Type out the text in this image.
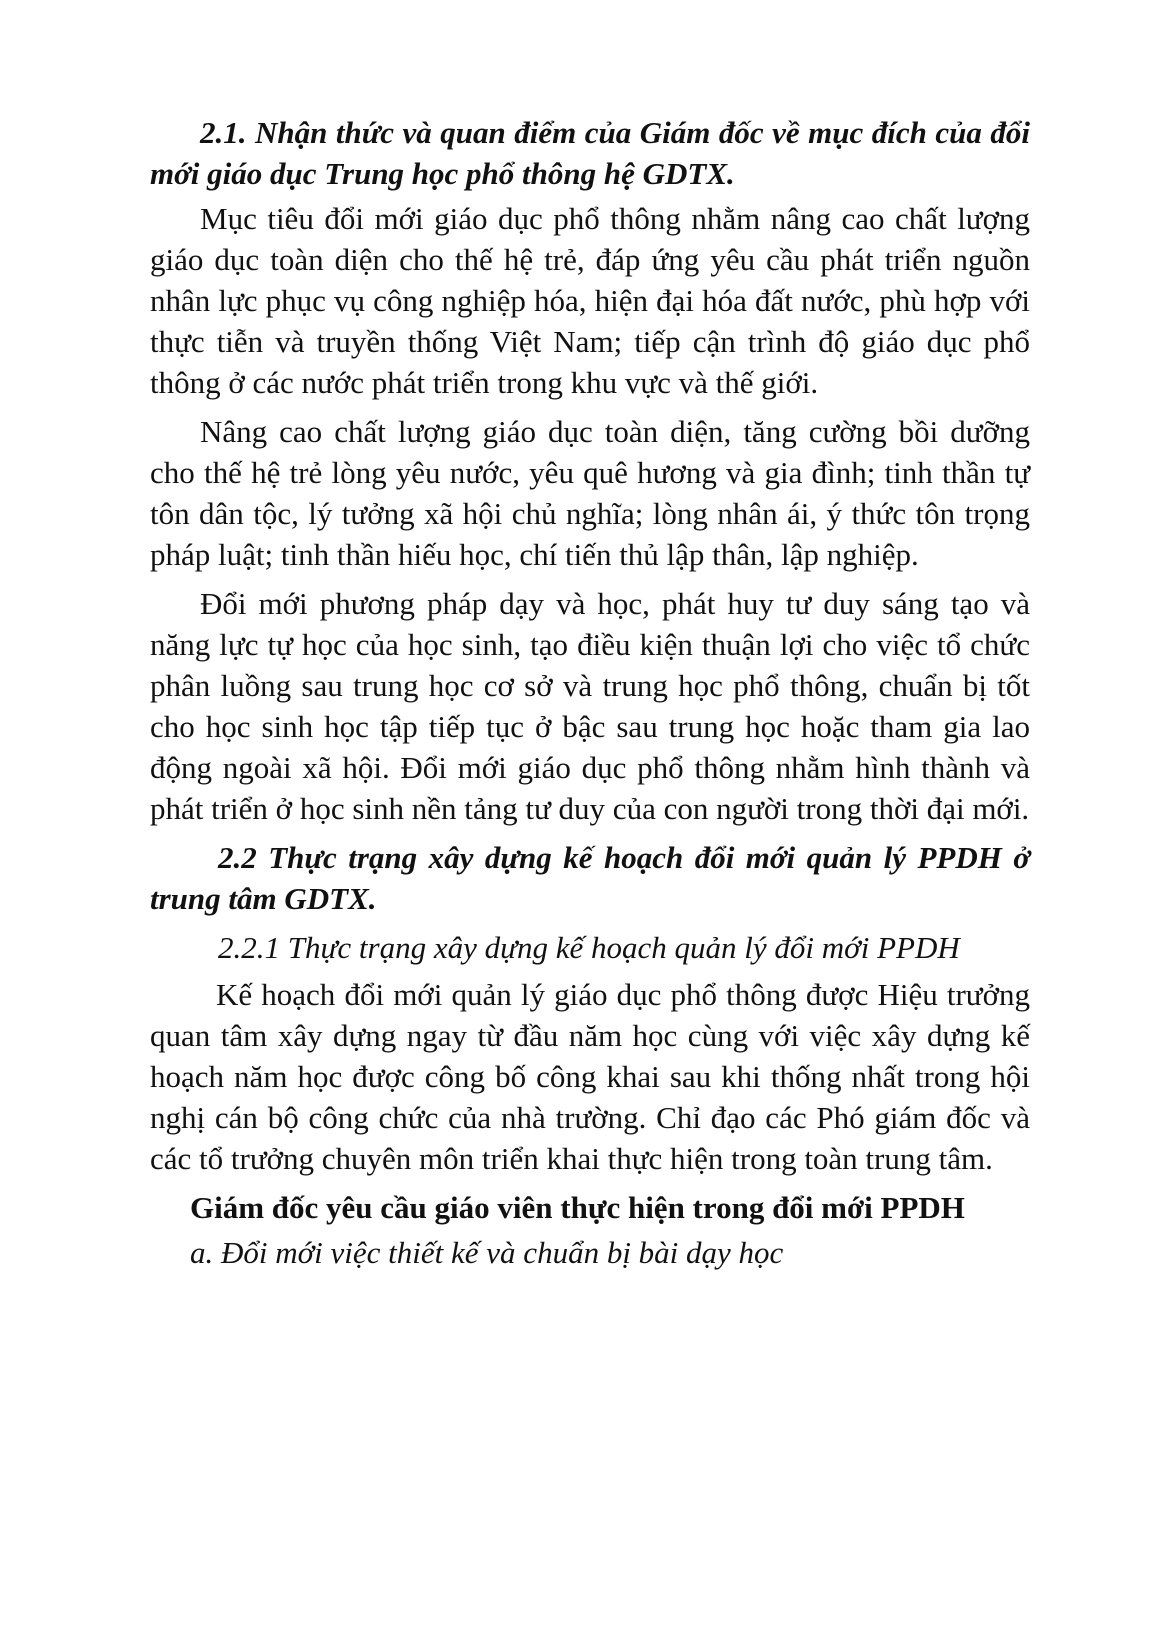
2.1. Nhận thức và quan điểm của Giám đốc về mục đích của đổi mới giáo dục Trung học phổ thông hệ GDTX.

Mục tiêu đổi mới giáo dục phổ thông nhằm nâng cao chất lượng giáo dục toàn diện cho thế hệ trẻ, đáp ứng yêu cầu phát triển nguồn nhân lực phục vụ công nghiệp hóa, hiện đại hóa đất nước, phù hợp với thực tiễn và truyền thống Việt Nam; tiếp cận trình độ giáo dục phổ thông ở các nước phát triển trong khu vực và thế giới.

Nâng cao chất lượng giáo dục toàn diện, tăng cường bồi dưỡng cho thế hệ trẻ lòng yêu nước, yêu quê hương và gia đình; tinh thần tự tôn dân tộc, lý tưởng xã hội chủ nghĩa; lòng nhân ái, ý thức tôn trọng pháp luật; tinh thần hiếu học, chí tiến thủ lập thân, lập nghiệp.

Đổi mới phương pháp dạy và học, phát huy tư duy sáng tạo và năng lực tự học của học sinh, tạo điều kiện thuận lợi cho việc tổ chức phân luồng sau trung học cơ sở và trung học phổ thông, chuẩn bị tốt cho học sinh học tập tiếp tục ở bậc sau trung học hoặc tham gia lao động ngoài xã hội. Đổi mới giáo dục phổ thông nhằm hình thành và phát triển ở học sinh nền tảng tư duy của con người trong thời đại mới.

2.2 Thực trạng xây dựng kế hoạch đổi mới quản lý PPDH ở trung tâm GDTX.

2.2.1 Thực trạng xây dựng kế hoạch quản lý đổi mới PPDH

Kế hoạch đổi mới quản lý giáo dục phổ thông được Hiệu trưởng quan tâm xây dựng ngay từ đầu năm học cùng với việc xây dựng kế hoạch năm học được công bố công khai sau khi thống nhất trong hội nghị cán bộ công chức của nhà trường. Chỉ đạo các Phó giám đốc và các tổ trưởng chuyên môn triển khai thực hiện trong toàn trung tâm.

Giám đốc yêu cầu giáo viên thực hiện trong đổi mới PPDH

a. Đổi mới việc thiết kế và chuẩn bị bài dạy học
